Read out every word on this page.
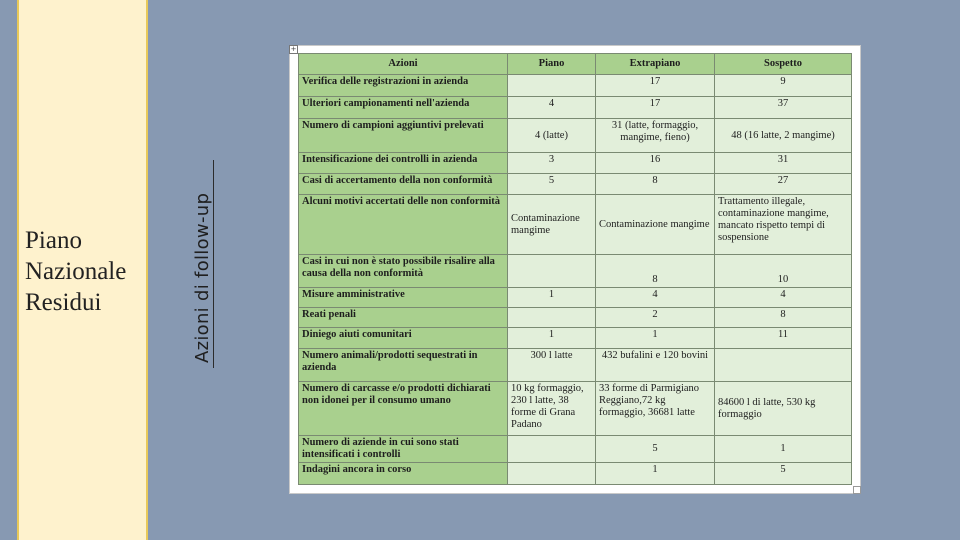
Piano
Nazionale
Residui	Azioni di follow-up
+
Azioni	Piano	Extrapiano	Sospetto
Verifica delle registrazioni in azienda		17	9
Ulteriori campionamenti nell'azienda	4	17	37
Numero di campioni aggiuntivi prelevati	4 (latte)	31 (latte, formaggio, mangime, fieno)	48 (16 latte, 2 mangime)
Intensificazione dei controlli in azienda	3	16	31
Casi di accertamento della non conformità	5	8	27
Alcuni motivi accertati delle non conformità	Contaminazione mangime	Contaminazione mangime	Trattamento illegale, contaminazione mangime, mancato rispetto tempi di sospensione
Casi in cui non è stato possibile risalire alla causa della non conformità		8	10
Misure amministrative	1	4	4
Reati penali		2	8
Diniego aiuti comunitari	1	1	11
Numero animali/prodotti sequestrati in azienda	300 l latte	432 bufalini e 120 bovini	
Numero di carcasse e/o prodotti dichiarati non idonei per il consumo umano	10 kg formaggio, 230 l latte, 38 forme di Grana Padano	33 forme di Parmigiano Reggiano,72 kg formaggio, 36681 latte	84600 l di latte, 530 kg formaggio
Numero di aziende in cui sono stati intensificati i controlli		5	1
Indagini ancora in corso		1	5
